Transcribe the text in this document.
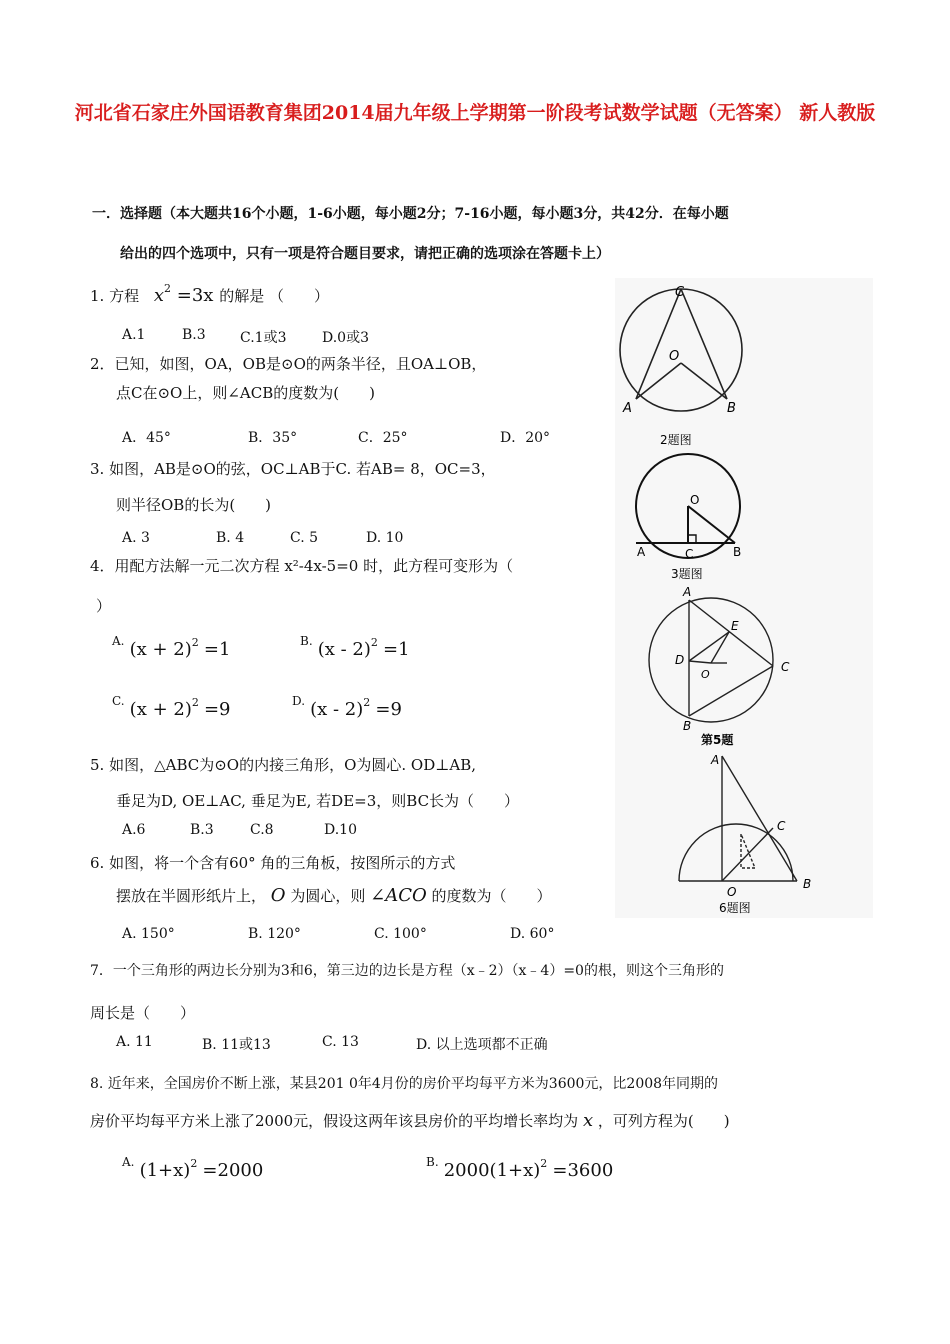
河北省石家庄外国语教育集团2014届九年级上学期第一阶段考试数学试题（无答案） 新人教版
一．选择题（本大题共16个小题，1-6小题，每小题2分；7-16小题，每小题3分，共42分．在每小题
给出的四个选项中，只有一项是符合题目要求，请把正确的选项涂在答题卡上）
1. 方程 $x^2 =3x$ 的解是 （　　）
A.1	B.3 C.1或3	D.0或3
2．已知，如图，OA，OB是⊙O的两条半径，且OA⊥OB，
点C在⊙O上，则∠ACB的度数为(　　)
A．45°	B．35°	C．25°	D．20°
3. 如图，AB是⊙O的弦，OC⊥AB于C. 若AB= 8，OC=3，
则半径OB的长为(　　)
A. 3	B. 4	C. 5	D. 10
4．用配方法解一元二次方程 x²-4x-5=0 时，此方程可变形为（
）
$^{A.}$ $(x + 2)^2 =1$	$^{B.}$ (x - 2)$^2$ =1
$^{C.}$ $(x + 2)^2 =9$	$^{D.}$ (x - 2)$^2$ =9
5. 如图，△ABC为⊙O的内接三角形，O为圆心. OD⊥AB,
垂足为D, OE⊥AC, 垂足为E, 若DE=3，则BC长为（　　）
A.6	B.3	C.8	D.10
6. 如图，将一个含有60° 角的三角板，按图所示的方式
摆放在半圆形纸片上， O 为圆心，则 ∠ACO 的度数为（　　）
A. 150°	B. 120°	C. 100°	D. 60°
7．一个三角形的两边长分别为3和6，第三边的边长是方程（x﹣2）（x﹣4）=0的根，则这个三角形的
周长是（　　）
A. 11	B. 11或13	C. 13	D. 以上选项都不正确
8. 近年来，全国房价不断上涨，某县201 0年4月份的房价平均每平方米为3600元，比2008年同期的
房价平均每平方米上涨了2000元，假设这两年该县房价的平均增长率均为 x ，可列方程为(　　)
$^{A.}$ $(1+x)^2 =2000$	$^{B.}$ $2000(1+x)^2 =3600$
C
O
A	B
2题图
O
A	C	B
3题图
A
E
D
O
C
B
第5题
A
C
O
B
6题图
